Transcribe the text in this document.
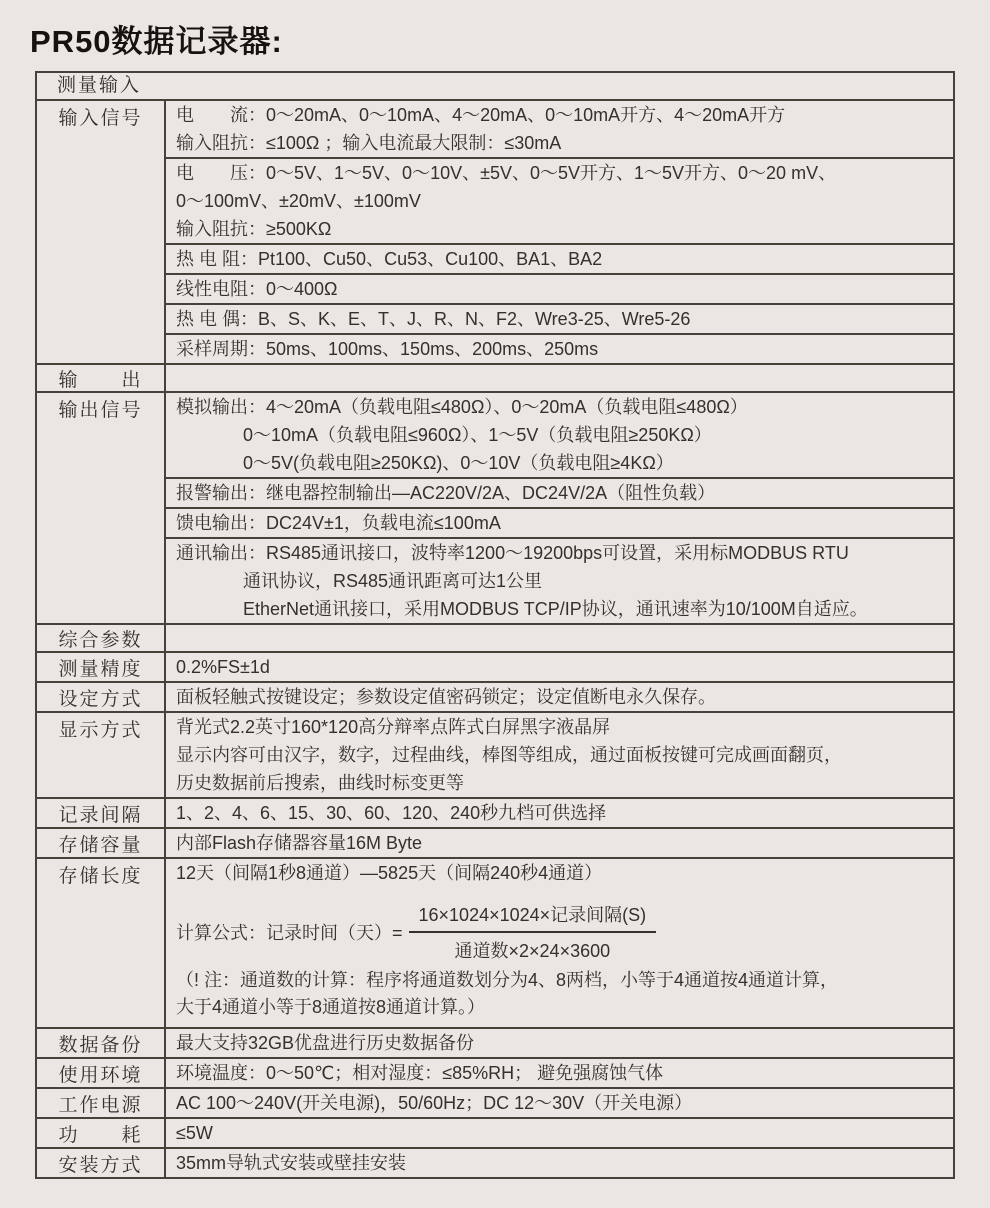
PR50数据记录器:
测量输入
输入信号	电　　流：0～20mA、0～10mA、4～20mA、0～10mA开方、4～20mA开方
输入阻抗：≤100Ω ；输入电流最大限制：≤30mA
电　　压：0～5V、1～5V、0～10V、±5V、0～5V开方、1～5V开方、0～20 mV、
0～100mV、±20mV、±100mV
输入阻抗：≥500KΩ
热 电 阻：Pt100、Cu50、Cu53、Cu100、BA1、BA2
线性电阻：0～400Ω
热 电 偶：B、S、K、E、T、J、R、N、F2、Wre3-25、Wre5-26
采样周期：50ms、100ms、150ms、200ms、250ms
输　　出
输出信号	模拟输出：4～20mA（负载电阻≤480Ω）、0～20mA（负载电阻≤480Ω）
0～10mA（负载电阻≤960Ω）、1～5V（负载电阻≥250KΩ）
0～5V(负载电阻≥250KΩ)、0～10V（负载电阻≥4KΩ）
报警输出：继电器控制输出—AC220V/2A、DC24V/2A（阻性负载）
馈电输出：DC24V±1，负载电流≤100mA
通讯输出：RS485通讯接口，波特率1200～19200bps可设置，采用标MODBUS RTU
通讯协议，RS485通讯距离可达1公里
EtherNet通讯接口，采用MODBUS TCP/IP协议，通讯速率为10/100M自适应。
综合参数
测量精度	0.2%FS±1d
设定方式	面板轻触式按键设定；参数设定值密码锁定；设定值断电永久保存。
显示方式	背光式2.2英寸160*120高分辩率点阵式白屏黑字液晶屏
显示内容可由汉字，数字，过程曲线，棒图等组成，通过面板按键可完成画面翻页，
历史数据前后搜索，曲线时标变更等
记录间隔	1、2、4、6、15、30、60、120、240秒九档可供选择
存储容量	内部Flash存储器容量16M Byte
存储长度	12天（间隔1秒8通道）—5825天（间隔240秒4通道）
计算公式：记录时间（天）= $\frac{\text{16×1024×1024×记录间隔(S)}}{\text{通道数×2×24×3600}}$
（! 注：通道数的计算：程序将通道数划分为4、8两档，小等于4通道按4通道计算，
大于4通道小等于8通道按8通道计算。）
数据备份	最大支持32GB优盘进行历史数据备份
使用环境	环境温度：0～50℃；相对湿度：≤85%RH； 避免强腐蚀气体
工作电源	AC 100～240V(开关电源)，50/60Hz；DC 12～30V（开关电源）
功　　耗	≤5W
安装方式	35mm导轨式安装或壁挂安装
